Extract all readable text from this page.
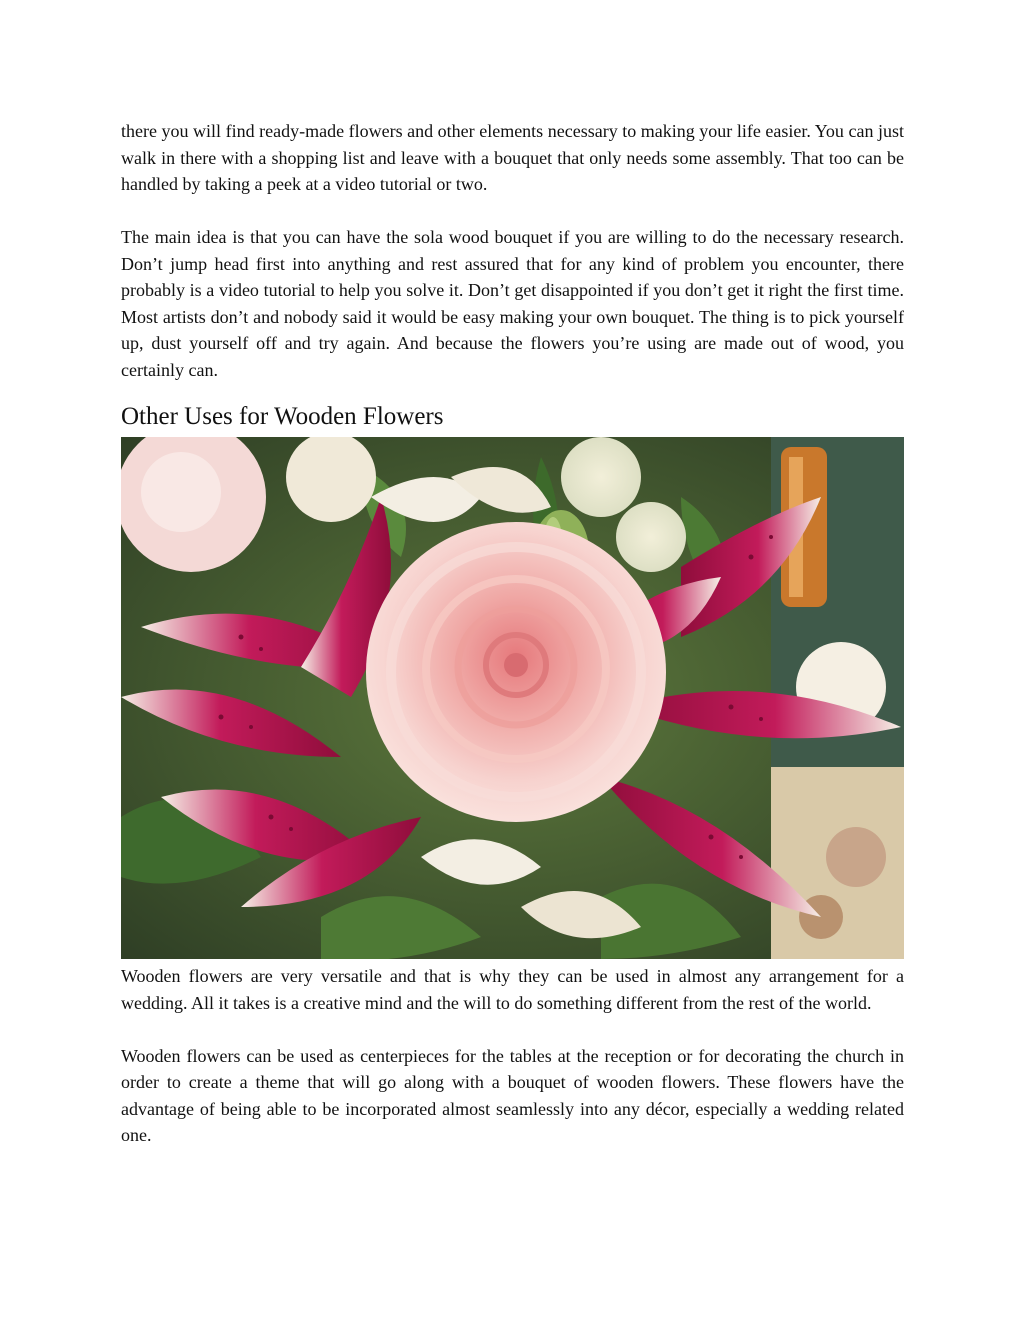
there you will find ready-made flowers and other elements necessary to making your life easier. You can just walk in there with a shopping list and leave with a bouquet that only needs some assembly. That too can be handled by taking a peek at a video tutorial or two.

The main idea is that you can have the sola wood bouquet if you are willing to do the necessary research. Don’t jump head first into anything and rest assured that for any kind of problem you encounter, there probably is a video tutorial to help you solve it. Don’t get disappointed if you don’t get it right the first time. Most artists don’t and nobody said it would be easy making your own bouquet. The thing is to pick yourself up, dust yourself off and try again. And because the flowers you’re using are made out of wood, you certainly can.

Other Uses for Wooden Flowers

Wooden flowers are very versatile and that is why they can be used in almost any arrangement for a wedding. All it takes is a creative mind and the will to do something different from the rest of the world.

Wooden flowers can be used as centerpieces for the tables at the reception or for decorating the church in order to create a theme that will go along with a bouquet of wooden flowers. These flowers have the advantage of being able to be incorporated almost seamlessly into any décor, especially a wedding related one.
